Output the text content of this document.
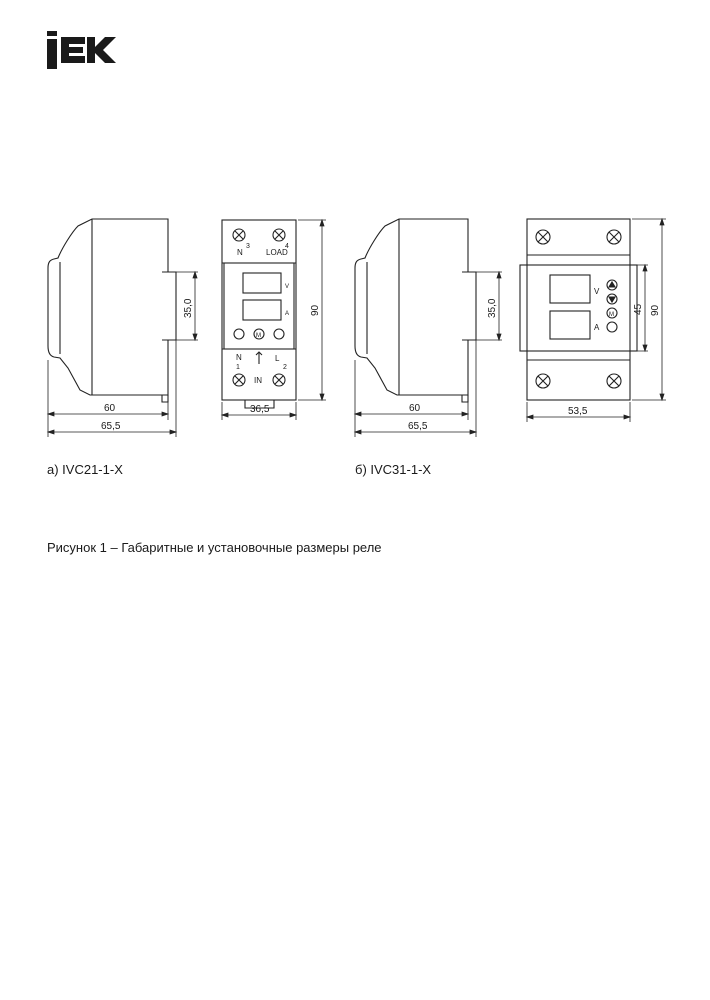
60
65,5
35,0
36,5
90
N
3	4
LOAD
N
1
L
2
IN
V
A
M
60
65,5
35,0
53,5
45 90
V
A
M
а) IVC21-1-X	б) IVC31-1-X
Рисунок 1 – Габаритные и установочные размеры реле
